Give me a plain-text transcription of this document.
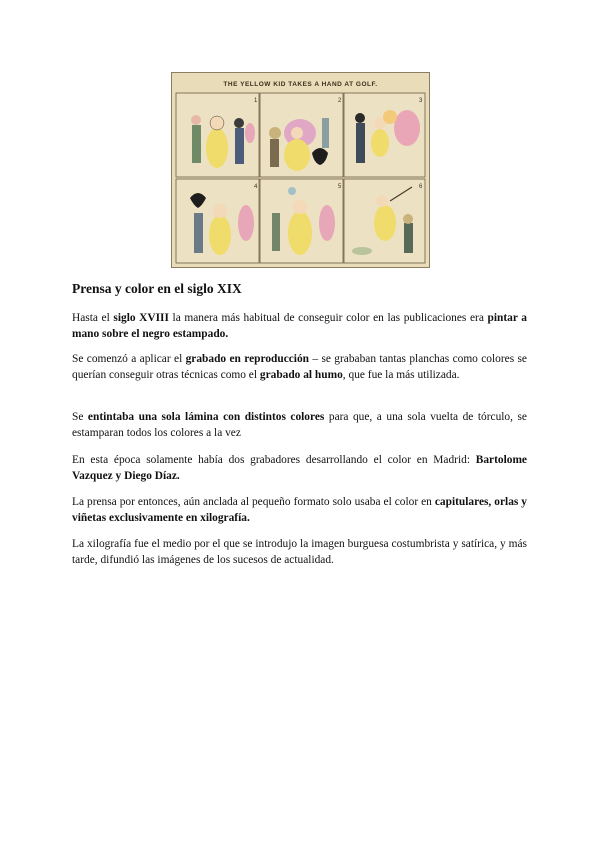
1	2	3
4	5	6
THE YELLOW KID TAKES A HAND AT GOLF.
Prensa y color en el siglo XIX

Hasta el siglo XVIII la manera más habitual de conseguir color en las publicaciones era pintar a mano sobre el negro estampado.

Se comenzó a aplicar el grabado en reproducción – se grababan tantas planchas como colores se querían conseguir otras técnicas como el grabado al humo, que fue la más utilizada.

Se entintaba una sola lámina con distintos colores para que, a una sola vuelta de tórculo, se estamparan todos los colores a la vez

En esta época solamente había dos grabadores desarrollando el color en Madrid: Bartolome Vazquez y Diego Díaz.

La prensa por entonces, aún anclada al pequeño formato solo usaba el color en capitulares, orlas y viñetas exclusivamente en xilografía.

La xilografía fue el medio por el que se introdujo la imagen burguesa costumbrista y satírica, y más tarde, difundió las imágenes de los sucesos de actualidad.
